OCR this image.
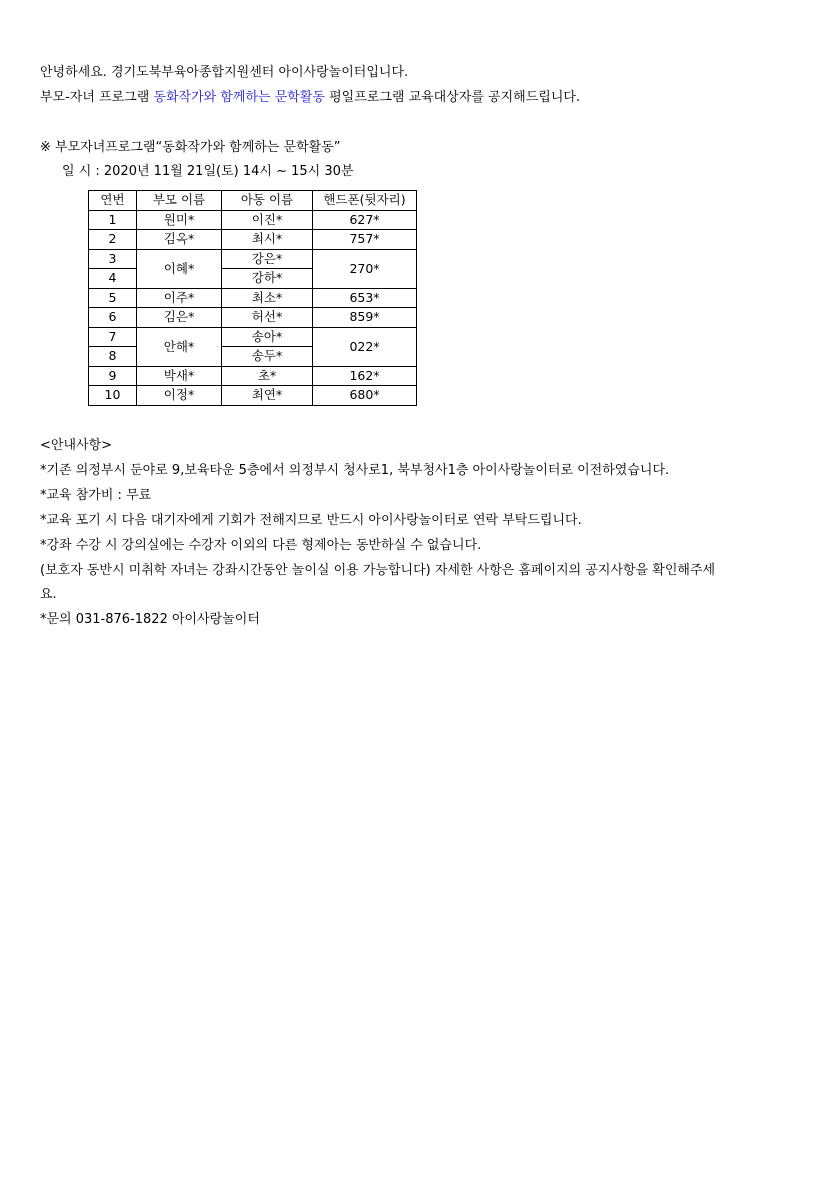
안녕하세요. 경기도북부육아종합지원센터 아이사랑놀이터입니다.
부모-자녀 프로그램 동화작가와 함께하는 문학활동 평일프로그램 교육대상자를 공지해드립니다.
※ 부모자녀프로그램“동화작가와 함께하는 문학활동”
일 시 : 2020년 11월 21일(토) 14시 ~ 15시 30분
연번	부모 이름	아동 이름	핸드폰(뒷자리)
1	원미*	이진*	627*
2	김옥*	최시*	757*
3	이혜*	강은*	270*
4		강하*	
5	이주*	최소*	653*
6	김은*	허선*	859*
7	안해*	송아*	022*
8		송두*	
9	박새*	초*	162*
10	이정*	최연*	680*
<안내사항>
*기존 의정부시 둔야로 9,보육타운 5층에서 의정부시 청사로1, 북부청사1층 아이사랑놀이터로 이전하였습니다.
*교육 참가비 : 무료
*교육 포기 시 다음 대기자에게 기회가 전해지므로 반드시 아이사랑놀이터로 연락 부탁드립니다.
*강좌 수강 시 강의실에는 수강자 이외의 다른 형제아는 동반하실 수 없습니다.
(보호자 동반시 미취학 자녀는 강좌시간동안 놀이실 이용 가능합니다) 자세한 사항은 홈페이지의 공지사항을 확인해주세
요.
*문의 031-876-1822 아이사랑놀이터
